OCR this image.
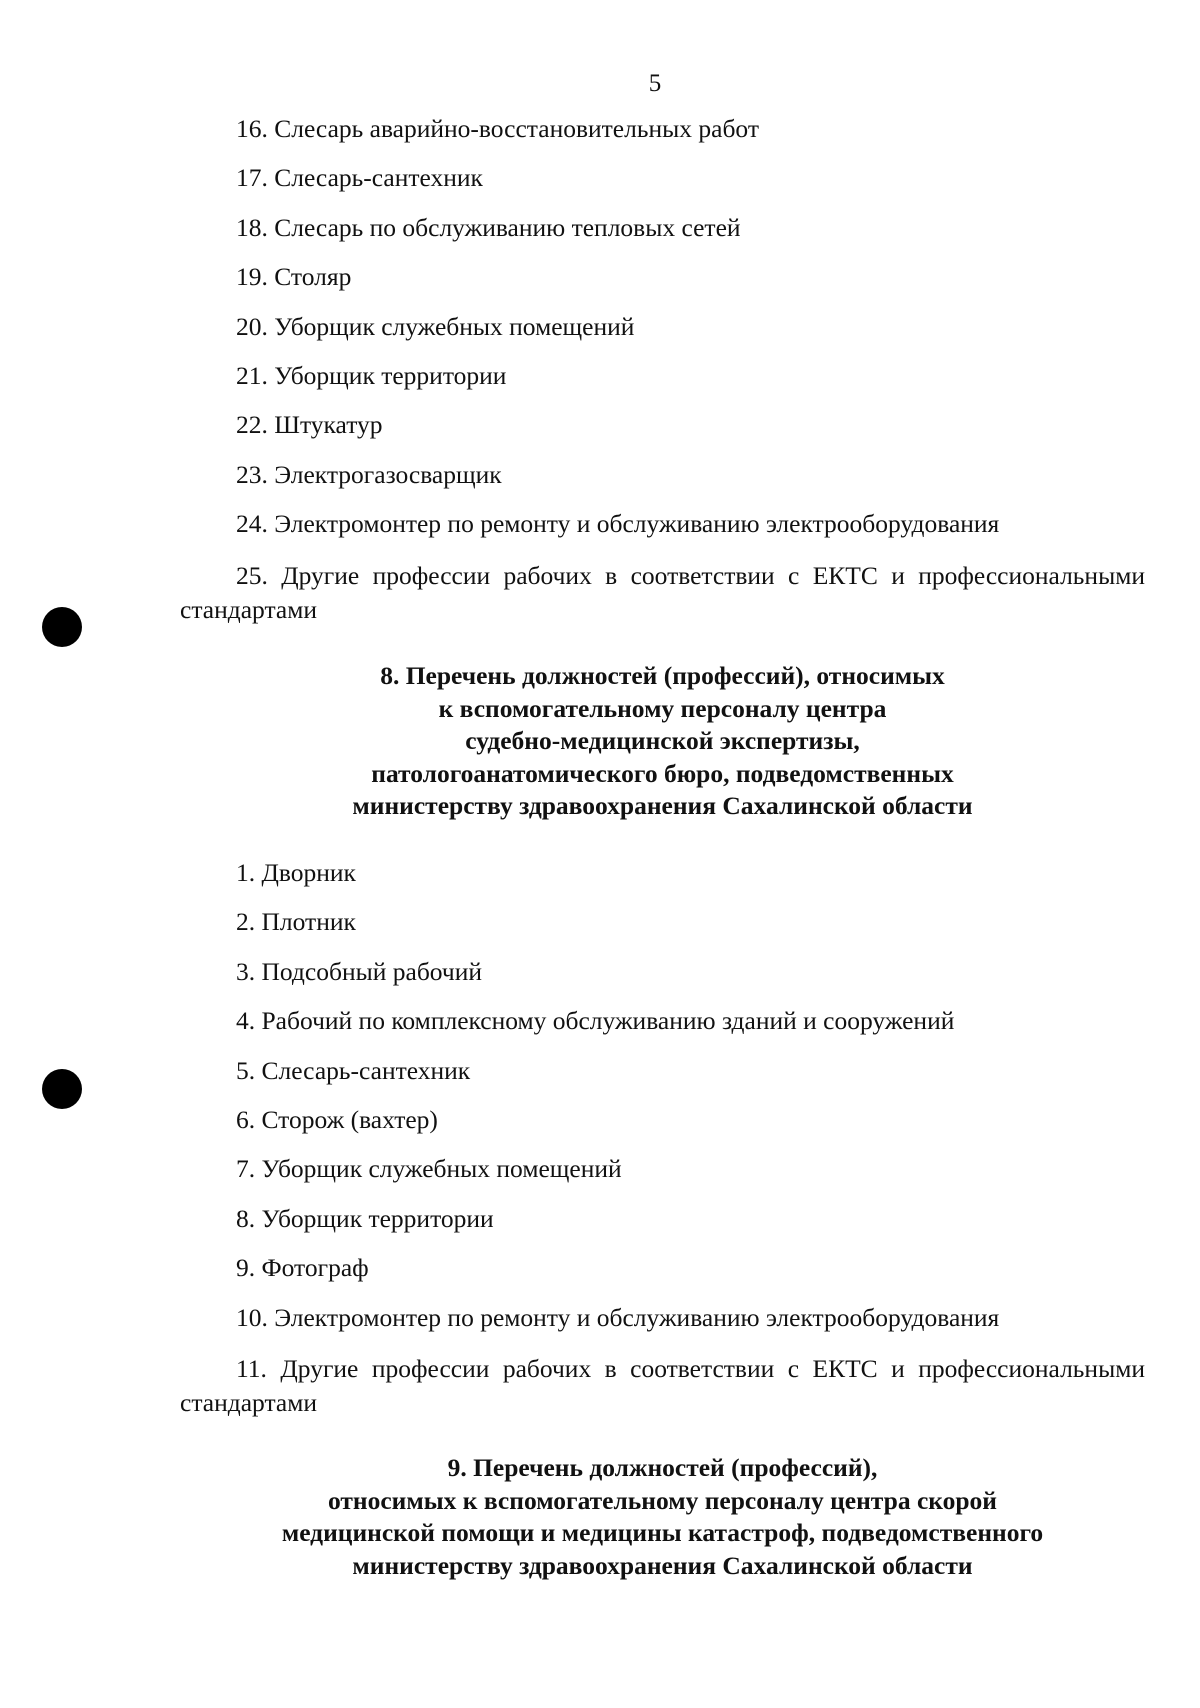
5
16. Слесарь аварийно-восстановительных работ
17. Слесарь-сантехник
18. Слесарь по обслуживанию тепловых сетей
19. Столяр
20. Уборщик служебных помещений
21. Уборщик территории
22. Штукатур
23. Электрогазосварщик
24. Электромонтер по ремонту и обслуживанию электрооборудования
25. Другие профессии рабочих в соответствии с ЕКТС и профессиональными стандартами
8. Перечень должностей (профессий), относимых
к вспомогательному персоналу центра
судебно-медицинской экспертизы,
патологоанатомического бюро, подведомственных
министерству здравоохранения Сахалинской области
1. Дворник
2. Плотник
3. Подсобный рабочий
4. Рабочий по комплексному обслуживанию зданий и сооружений
5. Слесарь-сантехник
6. Сторож (вахтер)
7. Уборщик служебных помещений
8. Уборщик территории
9. Фотограф
10. Электромонтер по ремонту и обслуживанию электрооборудования
11. Другие профессии рабочих в соответствии с ЕКТС и профессиональными стандартами
9. Перечень должностей (профессий),
относимых к вспомогательному персоналу центра скорой
медицинской помощи и медицины катастроф, подведомственного
министерству здравоохранения Сахалинской области
